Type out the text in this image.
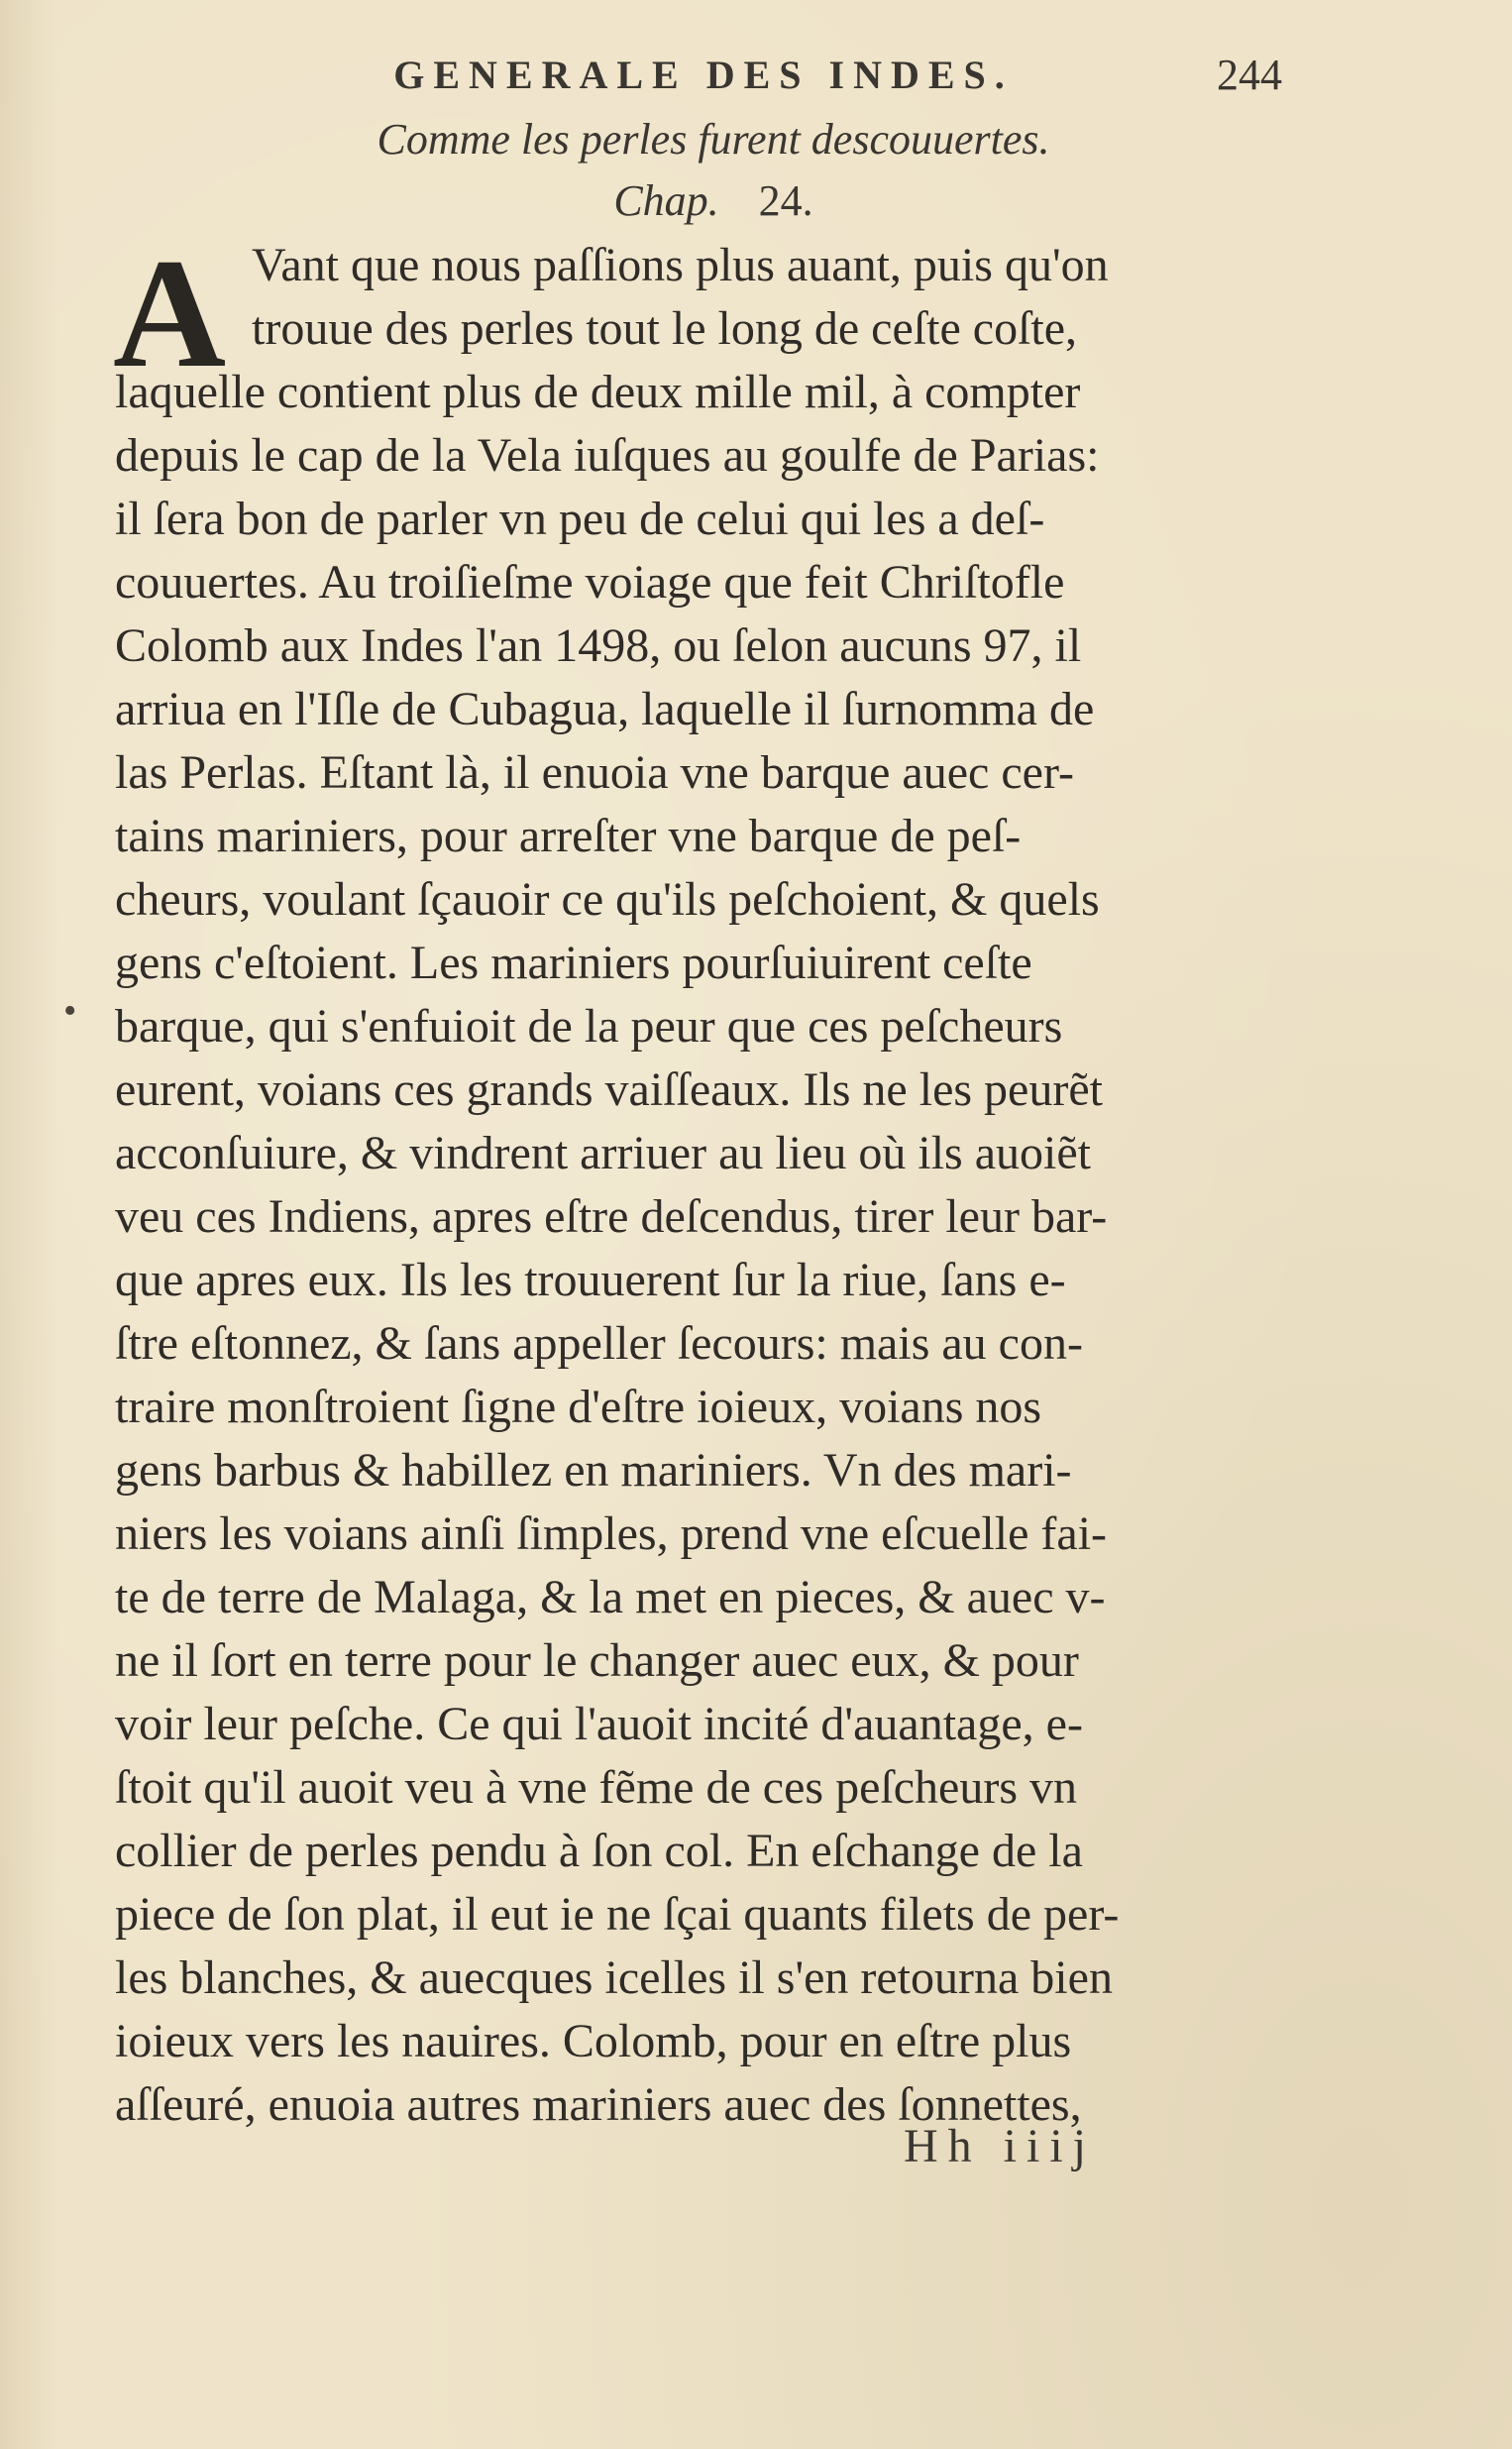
GENERALE DES INDES.	244
Comme les perles furent descouuertes.
Chap. 24.
A
•
Vant que nous paſſions plus auant, puis qu'on
trouue des perles tout le long de ceſte coſte,
laquelle contient plus de deux mille mil, à compter
depuis le cap de la Vela iuſques au goulfe de Parias:
il ſera bon de parler vn peu de celui qui les a deſ-
couuertes. Au troiſieſme voiage que feit Chriſtofle
Colomb aux Indes l'an 1498, ou ſelon aucuns 97, il
arriua en l'Iſle de Cubagua, laquelle il ſurnomma de
las Perlas. Eſtant là, il enuoia vne barque auec cer-
tains mariniers, pour arreſter vne barque de peſ-
cheurs, voulant ſçauoir ce qu'ils peſchoient, & quels
gens c'eſtoient. Les mariniers pourſuiuirent ceſte
barque, qui s'enfuioit de la peur que ces peſcheurs
eurent, voians ces grands vaiſſeaux. Ils ne les peurẽt
acconſuiure, & vindrent arriuer au lieu où ils auoiẽt
veu ces Indiens, apres eſtre deſcendus, tirer leur bar-
que apres eux. Ils les trouuerent ſur la riue, ſans e-
ſtre eſtonnez, & ſans appeller ſecours: mais au con-
traire monſtroient ſigne d'eſtre ioieux, voians nos
gens barbus & habillez en mariniers. Vn des mari-
niers les voians ainſi ſimples, prend vne eſcuelle fai-
te de terre de Malaga, & la met en pieces, & auec v-
ne il ſort en terre pour le changer auec eux, & pour
voir leur peſche. Ce qui l'auoit incité d'auantage, e-
ſtoit qu'il auoit veu à vne fẽme de ces peſcheurs vn
collier de perles pendu à ſon col. En eſchange de la
piece de ſon plat, il eut ie ne ſçai quants filets de per-
les blanches, & auecques icelles il s'en retourna bien
ioieux vers les nauires. Colomb, pour en eſtre plus
aſſeuré, enuoia autres mariniers auec des ſonnettes,
Hh iiij
